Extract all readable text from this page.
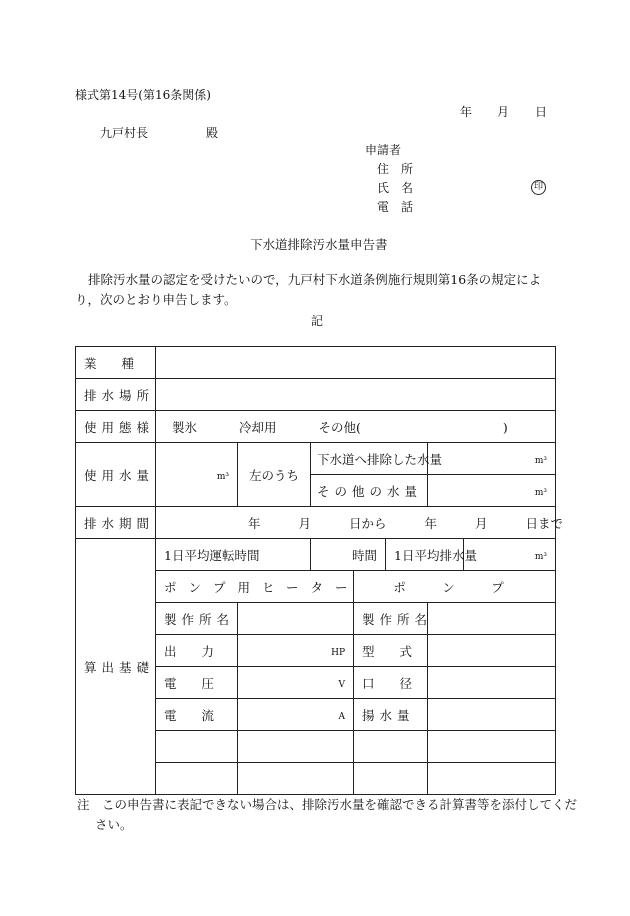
様式第14号(第16条関係)
年 月 日
九戸村長	殿
申請者
住　所
氏　名	印
電　話
下水道排除汚水量申告書
排除汚水量の認定を受けたいので，九戸村下水道条例施行規則第16条の規定により，次のとおり申告します。
記
業　　種							
排水場所							
使用態様	製氷 冷却用 その他( )						
使用水量	m³	左のうち	下水道へ排除した水量			m³	
			その他の水量			m³	
排水期間	年 月 日から 年 月 日まで						
算出基礎	1日平均運転時間		時間		1日平均排水量		m³
	ポンプ用ヒーター			ポ　ン　プ			
	製作所名			製作所名			
	出　　力	HP		型　　式			
	電　　圧	V		口　　径			
	電　　流	A		揚水量			

注　この申告書に表記できない場合は、排除汚水量を確認できる計算書等を添付してください。
